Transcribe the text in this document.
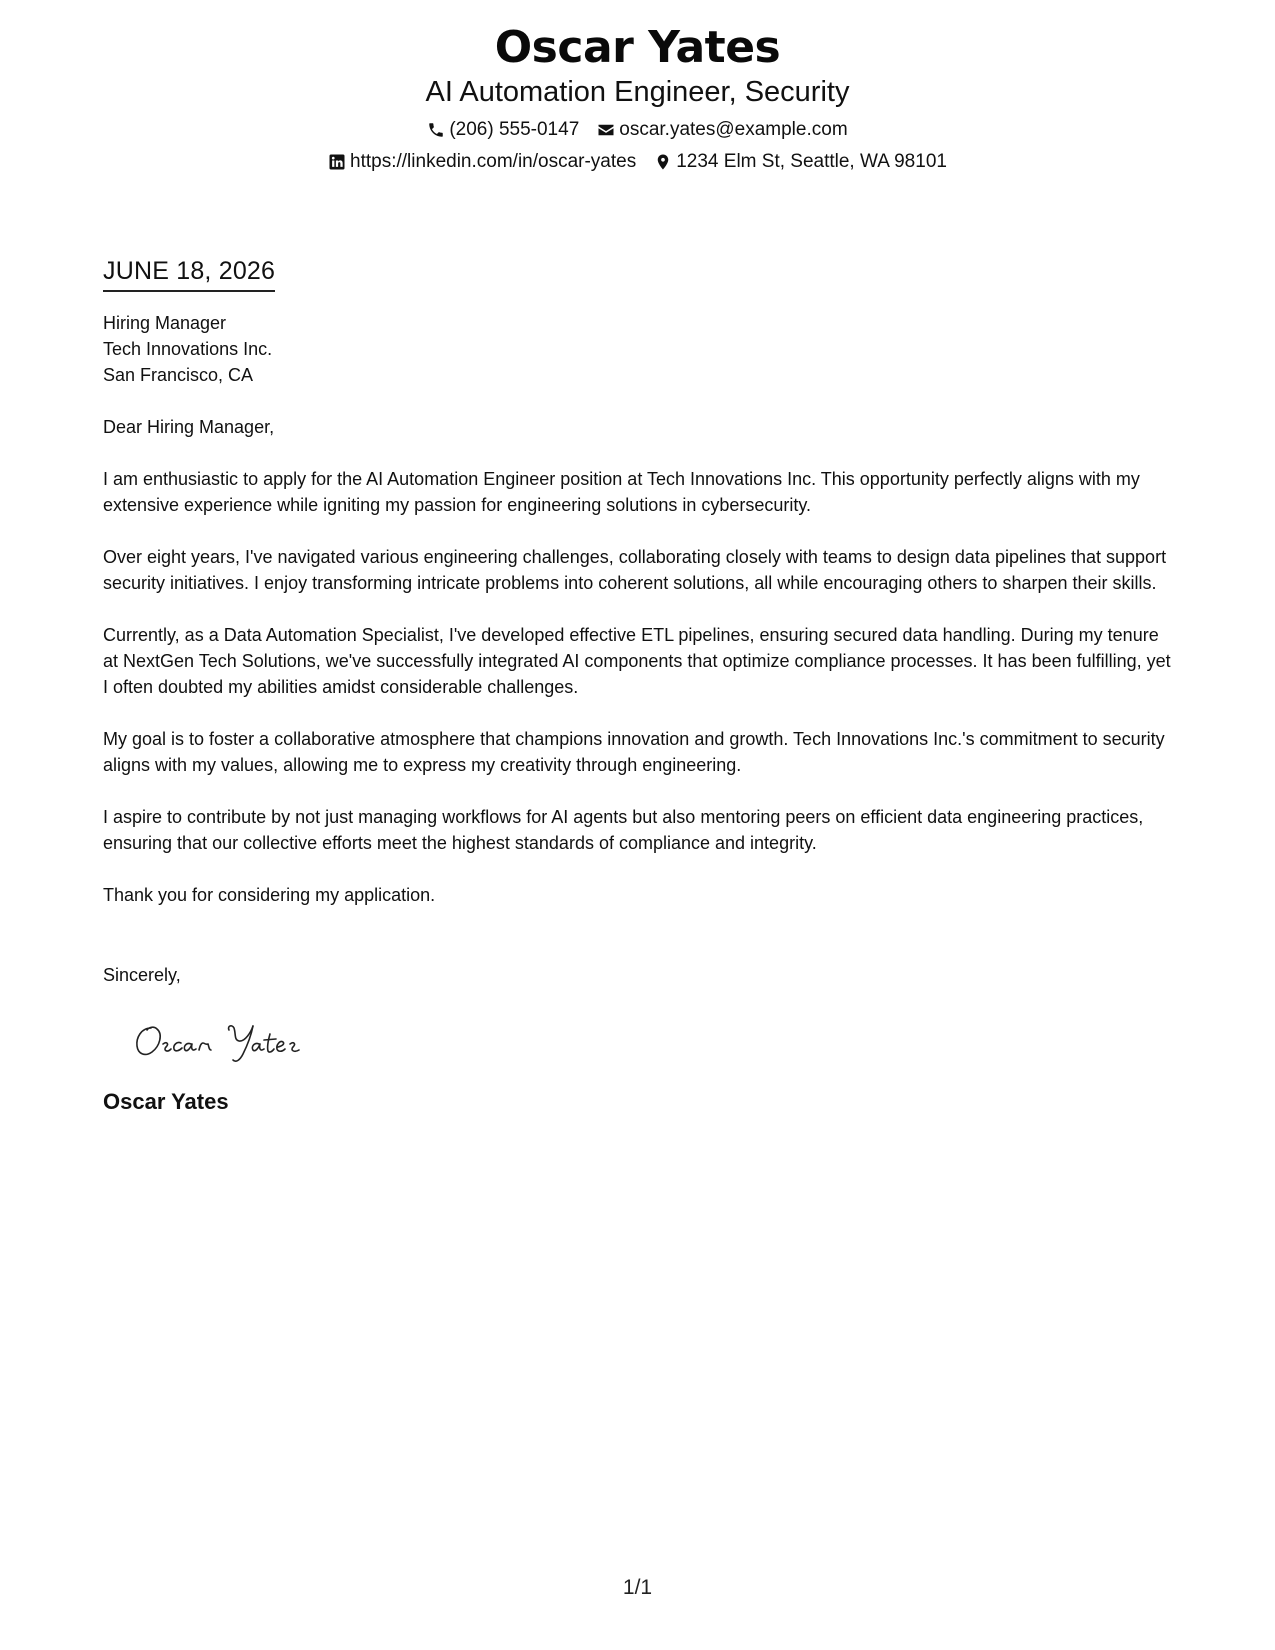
Oscar Yates
AI Automation Engineer, Security
(206) 555-0147 oscar.yates@example.com
https://linkedin.com/in/oscar-yates 1234 Elm St, Seattle, WA 98101
JUNE 18, 2026
Hiring Manager
Tech Innovations Inc.
San Francisco, CA
Dear Hiring Manager,
I am enthusiastic to apply for the AI Automation Engineer position at Tech Innovations Inc. This opportunity perfectly aligns with my extensive experience while igniting my passion for engineering solutions in cybersecurity.
Over eight years, I've navigated various engineering challenges, collaborating closely with teams to design data pipelines that support security initiatives. I enjoy transforming intricate problems into coherent solutions, all while encouraging others to sharpen their skills.
Currently, as a Data Automation Specialist, I've developed effective ETL pipelines, ensuring secured data handling. During my tenure at NextGen Tech Solutions, we've successfully integrated AI components that optimize compliance processes. It has been fulfilling, yet I often doubted my abilities amidst considerable challenges.
My goal is to foster a collaborative atmosphere that champions innovation and growth. Tech Innovations Inc.'s commitment to security aligns with my values, allowing me to express my creativity through engineering.
I aspire to contribute by not just managing workflows for AI agents but also mentoring peers on efficient data engineering practices, ensuring that our collective efforts meet the highest standards of compliance and integrity.
Thank you for considering my application.
Sincerely,
Oscar Yates
1/1
